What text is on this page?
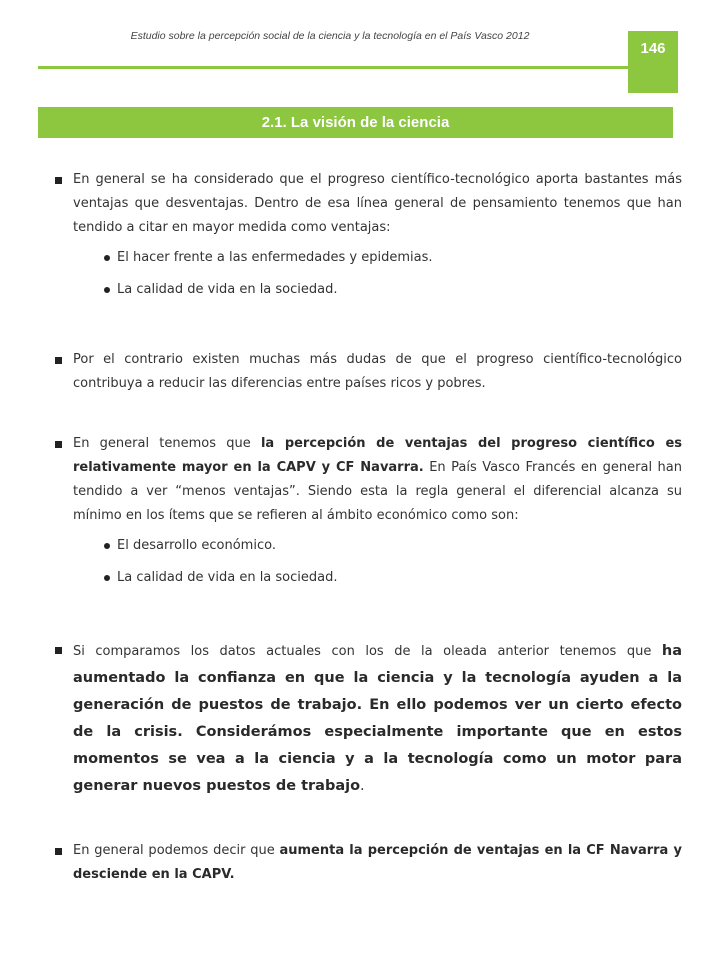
Estudio sobre la percepción social de la ciencia y la tecnología en el País Vasco 2012
146
2.1. La visión de la ciencia

En general se ha considerado que el progreso científico-tecnológico aporta bastantes más ventajas que desventajas. Dentro de esa línea general de pensamiento tenemos que han tendido a citar en mayor medida como ventajas:

El hacer frente a las enfermedades y epidemias.
La calidad de vida en la sociedad.

Por el contrario existen muchas más dudas de que el progreso científico-tecnológico contribuya a reducir las diferencias entre países ricos y pobres.

En general tenemos que la percepción de ventajas del progreso científico es relativamente mayor en la CAPV y CF Navarra. En País Vasco Francés en general han tendido a ver “menos ventajas”. Siendo esta la regla general el diferencial alcanza su mínimo en los ítems que se refieren al ámbito económico como son:

El desarrollo económico.
La calidad de vida en la sociedad.

Si comparamos los datos actuales con los de la oleada anterior tenemos que ha aumentado la confianza en que la ciencia y la tecnología ayuden a la generación de puestos de trabajo. En ello podemos ver un cierto efecto de la crisis. Considerámos especialmente importante que en estos momentos se vea a la ciencia y a la tecnología como un motor para generar nuevos puestos de trabajo.

En general podemos decir que aumenta la percepción de ventajas en la CF Navarra y desciende en la CAPV.
